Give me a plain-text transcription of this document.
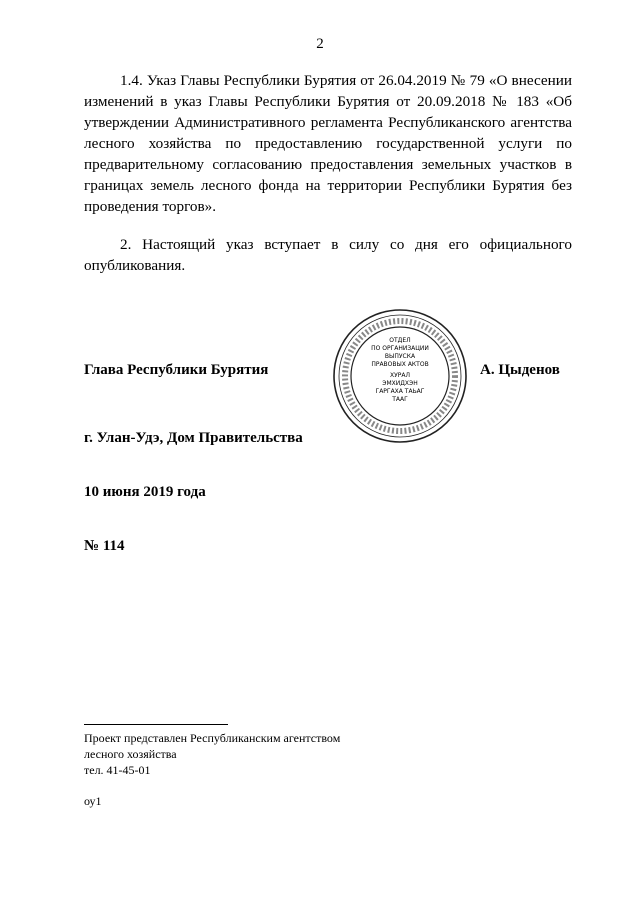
2
1.4. Указ Главы Республики Бурятия от 26.04.2019 № 79 «О внесении изменений в указ Главы Республики Бурятия от 20.09.2018 № 183 «Об утверждении Административного регламента Республиканского агентства лесного хозяйства по предоставлению государственной услуги по предварительному согласованию предоставления земельных участков в границах земель лесного фонда на территории Республики Бурятия без проведения торгов».
2. Настоящий указ вступает в силу со дня его официального опубликования.
Глава Республики Бурятия	А. Цыденов
ОТДЕЛ
ПО ОРГАНИЗАЦИИ
ВЫПУСКА
ПРАВОВЫХ АКТОВ
ХУРАЛ
ЭМХИДХЭН
ГАРГАХА ТАЬАГ
ТААГ
г. Улан-Удэ, Дом Правительства
10 июня 2019 года
№ 114
Проект представлен Республиканским агентством
лесного хозяйства
тел. 41-45-01
оу1
